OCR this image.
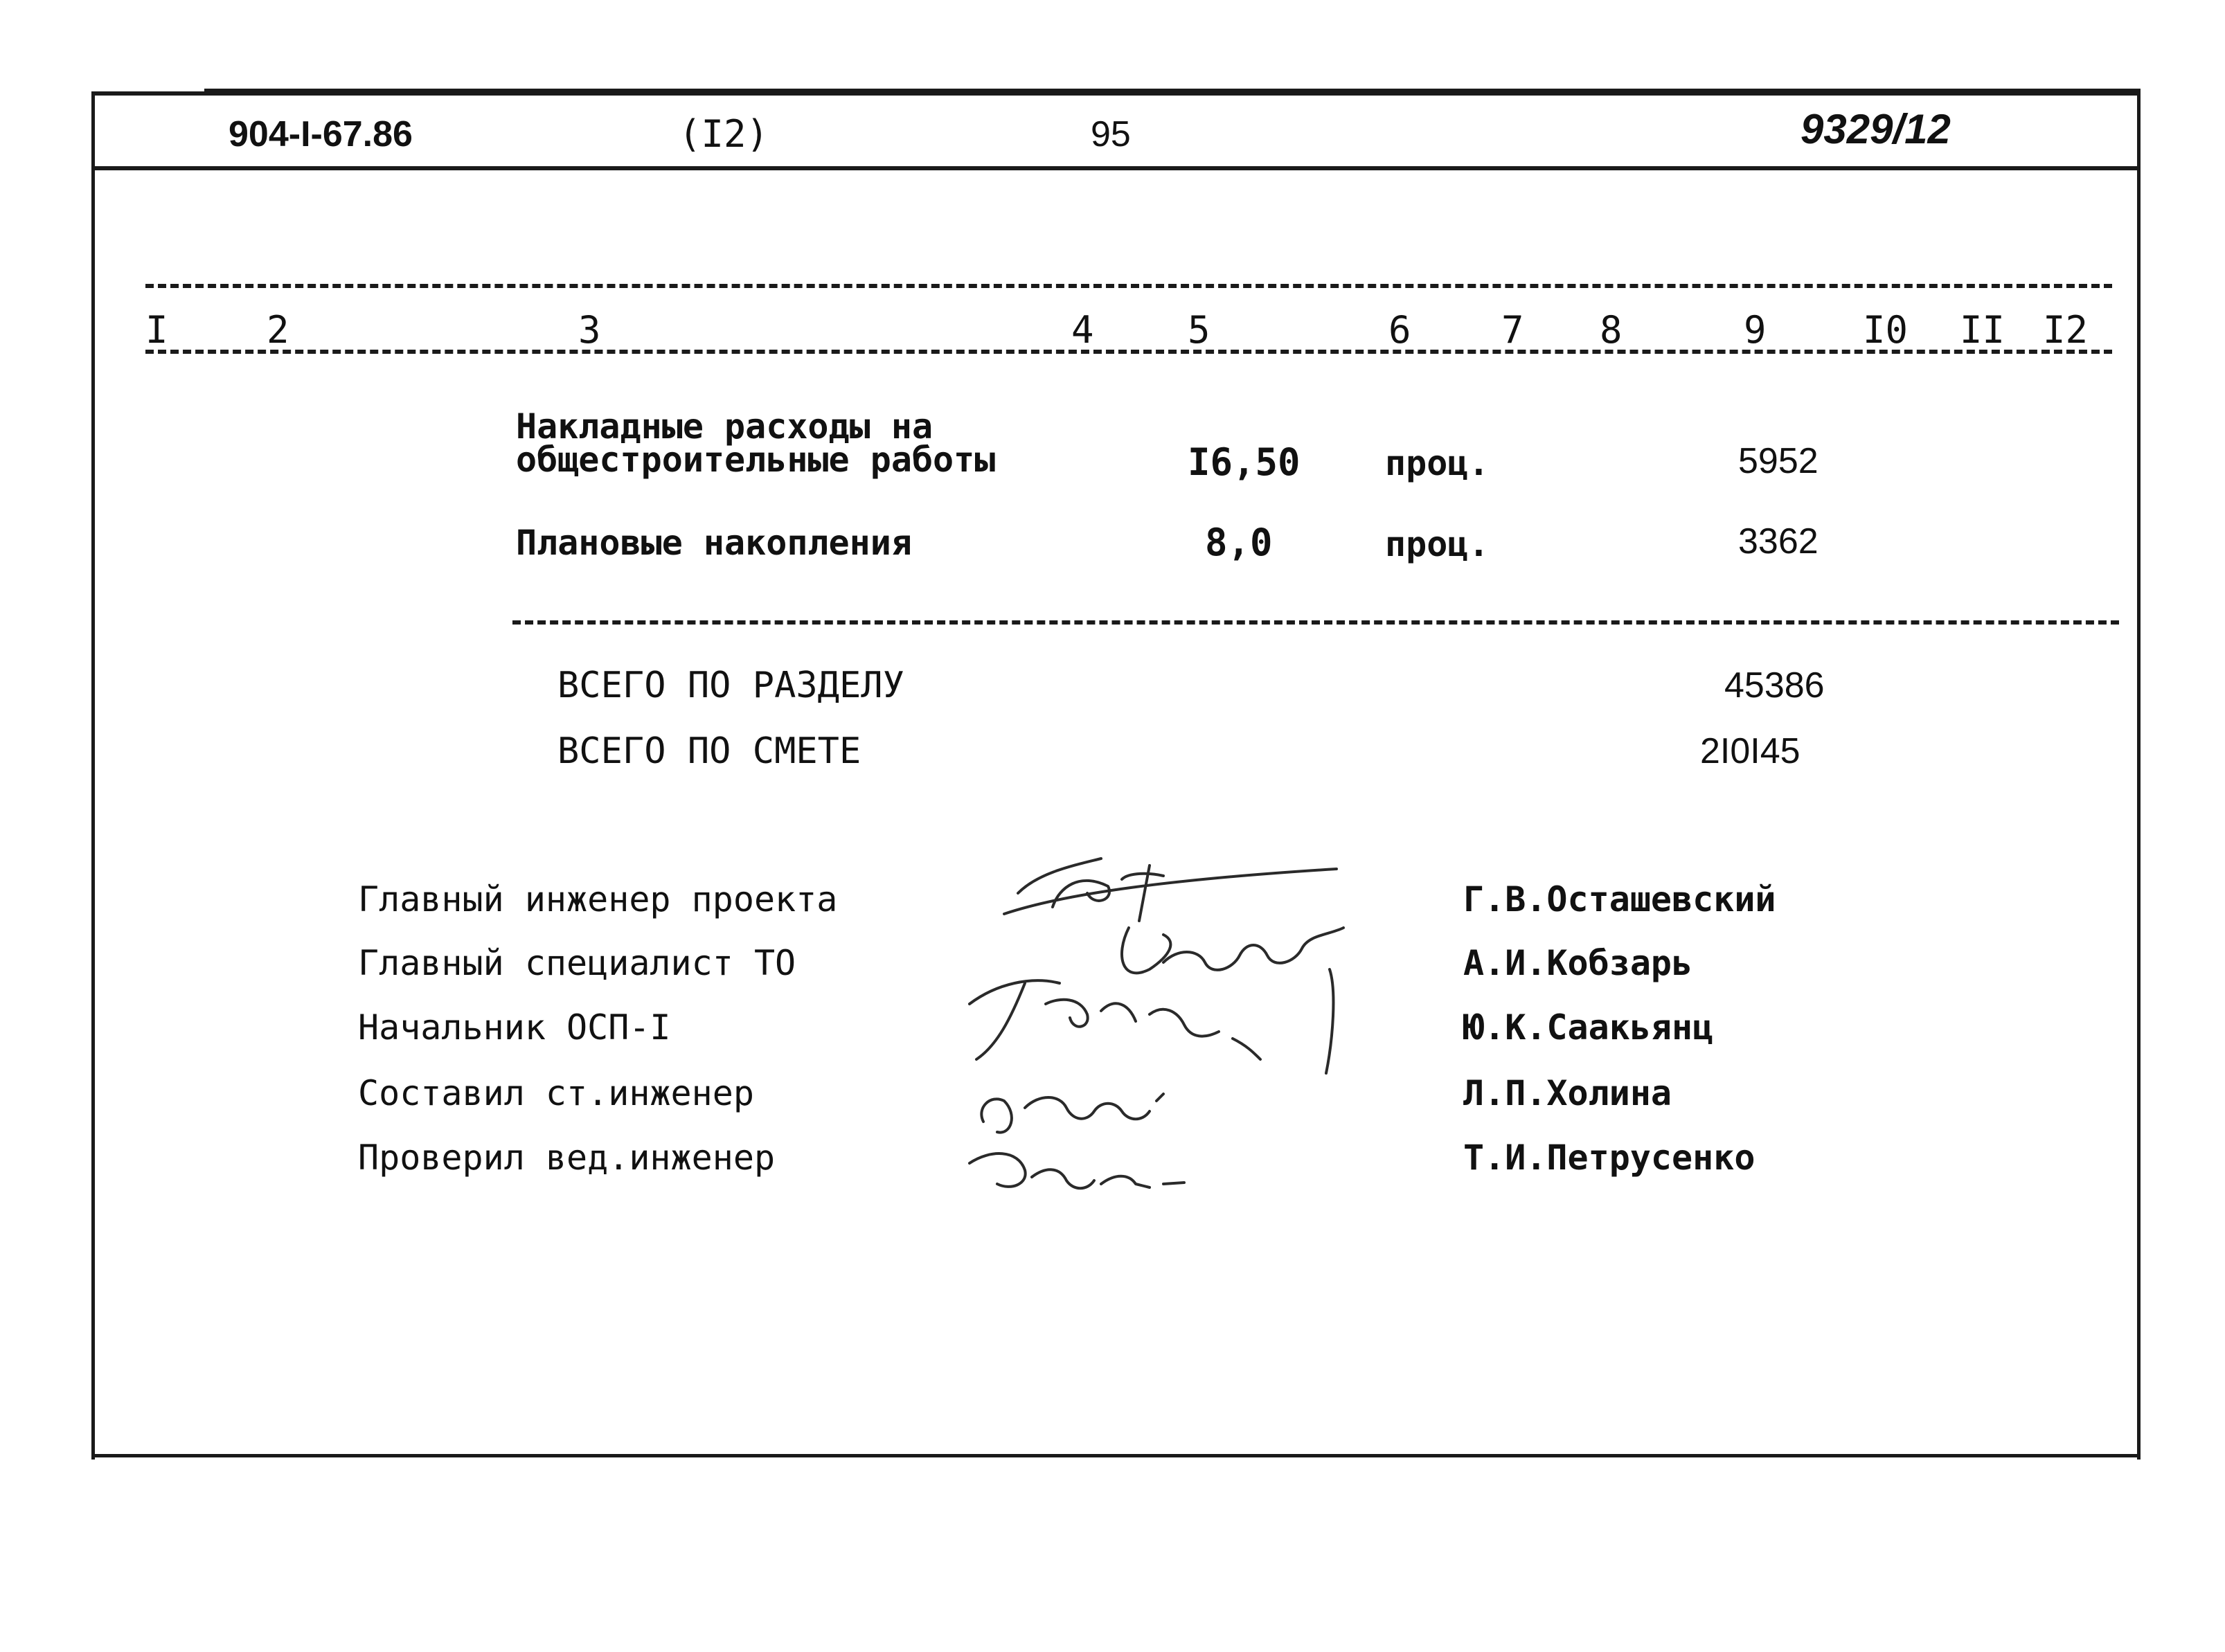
904-I-67.86	(I2)	95	9329/12
I	2	3	4	5	6 7 8	9	I0 II I2
Накладные расходы на
общестроительные работы	I6,50 проц.	5952
Плановые накопления	8,0	проц.	3362
ВСЕГО ПО РАЗДЕЛУ	45386
ВСЕГО ПО СМЕТЕ	2I0I45
Главный инженер проекта	Г.В.Осташевский
Главный специалист ТО	А.И.Кобзарь
Начальник ОСП-I	Ю.К.Саакьянц
Составил ст.инженер	Л.П.Холина
Проверил вед.инженер	Т.И.Петрусенко
